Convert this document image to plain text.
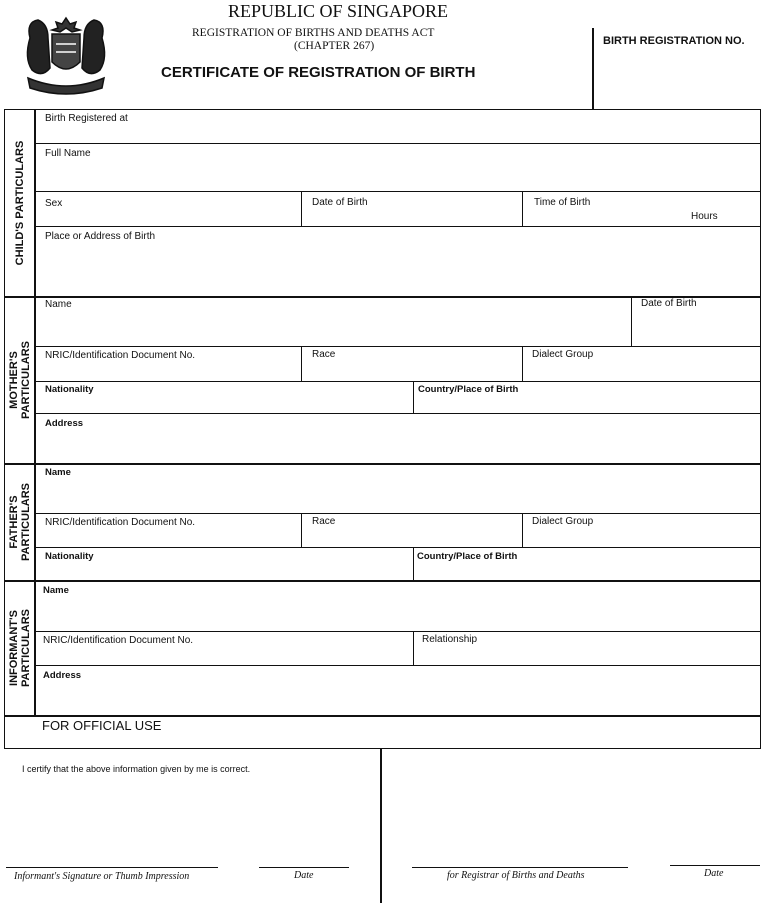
REPUBLIC OF SINGAPORE
REGISTRATION OF BIRTHS AND DEATHS ACT
(CHAPTER 267)
CERTIFICATE OF REGISTRATION OF BIRTH
BIRTH REGISTRATION NO.
CHILD'S PARTICULARS
Birth Registered at
Full Name
Sex	Date of Birth	Time of Birth
Hours
Place or Address of Birth
MOTHER'S
PARTICULARS
Name	Date of Birth
NRIC/Identification Document No.	Race	Dialect Group
Nationality	Country/Place of Birth
Address
FATHER'S
PARTICULARS
Name
NRIC/Identification Document No.	Race	Dialect Group
Nationality	Country/Place of Birth
INFORMANT'S
PARTICULARS
Name
NRIC/Identification Document No.	Relationship
Address
FOR OFFICIAL USE
I certify that the above information given by me is correct.
Informant's Signature or Thumb Impression	Date	for Registrar of Births and Deaths	Date
